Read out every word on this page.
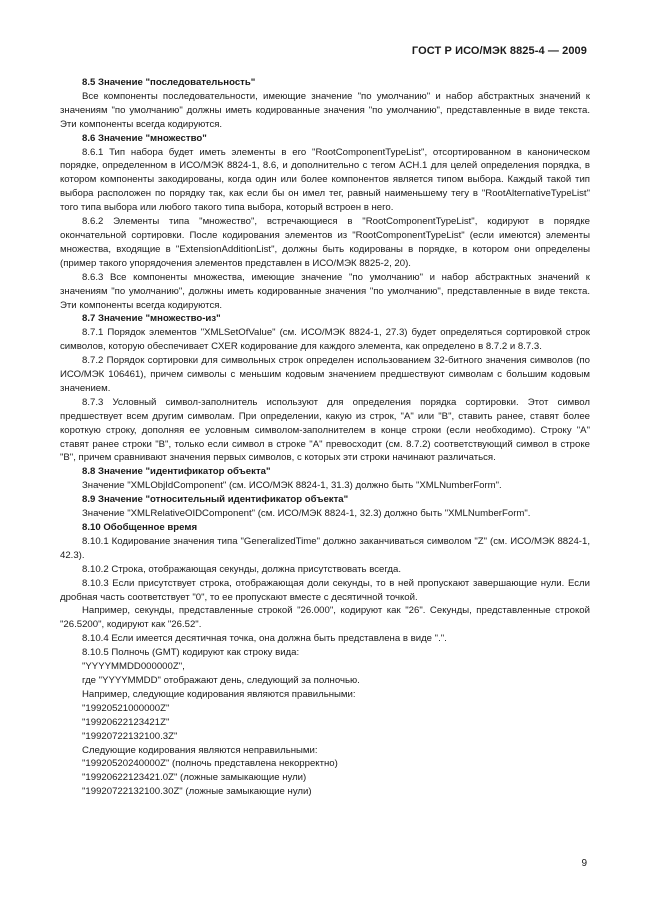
ГОСТ Р ИСО/МЭК 8825-4 — 2009

8.5 Значение "последовательность"

Все компоненты последовательности, имеющие значение "по умолчанию" и набор абстрактных значений к значениям "по умолчанию" должны иметь кодированные значения "по умолчанию", представленные в виде текста. Эти компоненты всегда кодируются.

8.6 Значение "множество"

8.6.1 Тип набора будет иметь элементы в его "RootComponentTypeList", отсортированном в каноническом порядке, определенном в ИСО/МЭК 8824-1, 8.6, и дополнительно с тегом ACH.1 для целей определения порядка, в котором компоненты закодированы, когда один или более компонентов является типом выбора. Каждый такой тип выбора расположен по порядку так, как если бы он имел тег, равный наименьшему тегу в "RootAlternativeTypeList" того типа выбора или любого такого типа выбора, который встроен в него.

8.6.2 Элементы типа "множество", встречающиеся в "RootComponentTypeList", кодируют в порядке окончательной сортировки. После кодирования элементов из "RootComponentTypeList" (если имеются) элементы множества, входящие в "ExtensionAdditionList", должны быть кодированы в порядке, в котором они определены (пример такого упорядочения элементов представлен в ИСО/МЭК 8825-2, 20).

8.6.3 Все компоненты множества, имеющие значение "по умолчанию" и набор абстрактных значений к значениям "по умолчанию", должны иметь кодированные значения "по умолчанию", представленные в виде текста. Эти компоненты всегда кодируются.

8.7 Значение "множество-из"

8.7.1 Порядок элементов "XMLSetOfValue" (см. ИСО/МЭК 8824-1, 27.3) будет определяться сортировкой строк символов, которую обеспечивает CXER кодирование для каждого элемента, как определено в 8.7.2 и 8.7.3.

8.7.2 Порядок сортировки для символьных строк определен использованием 32-битного значения символов (по ИСО/МЭК 106461), причем символы с меньшим кодовым значением предшествуют символам с большим кодовым значением.

8.7.3 Условный символ-заполнитель используют для определения порядка сортировки. Этот символ предшествует всем другим символам. При определении, какую из строк, "А" или "В", ставить ранее, ставят более короткую строку, дополняя ее условным символом-заполнителем в конце строки (если необходимо). Строку "А" ставят ранее строки "В", только если символ в строке "А" превосходит (см. 8.7.2) соответствующий символ в строке "В", причем сравнивают значения первых символов, с которых эти строки начинают различаться.

8.8 Значение "идентификатор объекта"

Значение "XMLObjIdComponent" (см. ИСО/МЭК 8824-1, 31.3) должно быть "XMLNumberForm".

8.9 Значение "относительный идентификатор объекта"

Значение "XMLRelativeOIDComponent" (см. ИСО/МЭК 8824-1, 32.3) должно быть "XMLNumberForm".

8.10 Обобщенное время

8.10.1 Кодирование значения типа "GeneralizedTime" должно заканчиваться символом "Z" (см. ИСО/МЭК 8824-1, 42.3).

8.10.2 Строка, отображающая секунды, должна присутствовать всегда.

8.10.3 Если присутствует строка, отображающая доли секунды, то в ней пропускают завершающие нули. Если дробная часть соответствует "0", то ее пропускают вместе с десятичной точкой.

Например, секунды, представленные строкой "26.000", кодируют как "26". Секунды, представленные строкой "26.5200", кодируют как "26.52".

8.10.4 Если имеется десятичная точка, она должна быть представлена в виде ".".

8.10.5 Полночь (GMT) кодируют как строку вида:

"YYYYMMDD000000Z",

где "YYYYMMDD" отображают день, следующий за полночью.

Например, следующие кодирования являются правильными:

"19920521000000Z"

"19920622123421Z"

"19920722132100.3Z"

Следующие кодирования являются неправильными:

"19920520240000Z" (полночь представлена некорректно)

"19920622123421.0Z" (ложные замыкающие нули)

"19920722132100.30Z" (ложные замыкающие нули)

9
